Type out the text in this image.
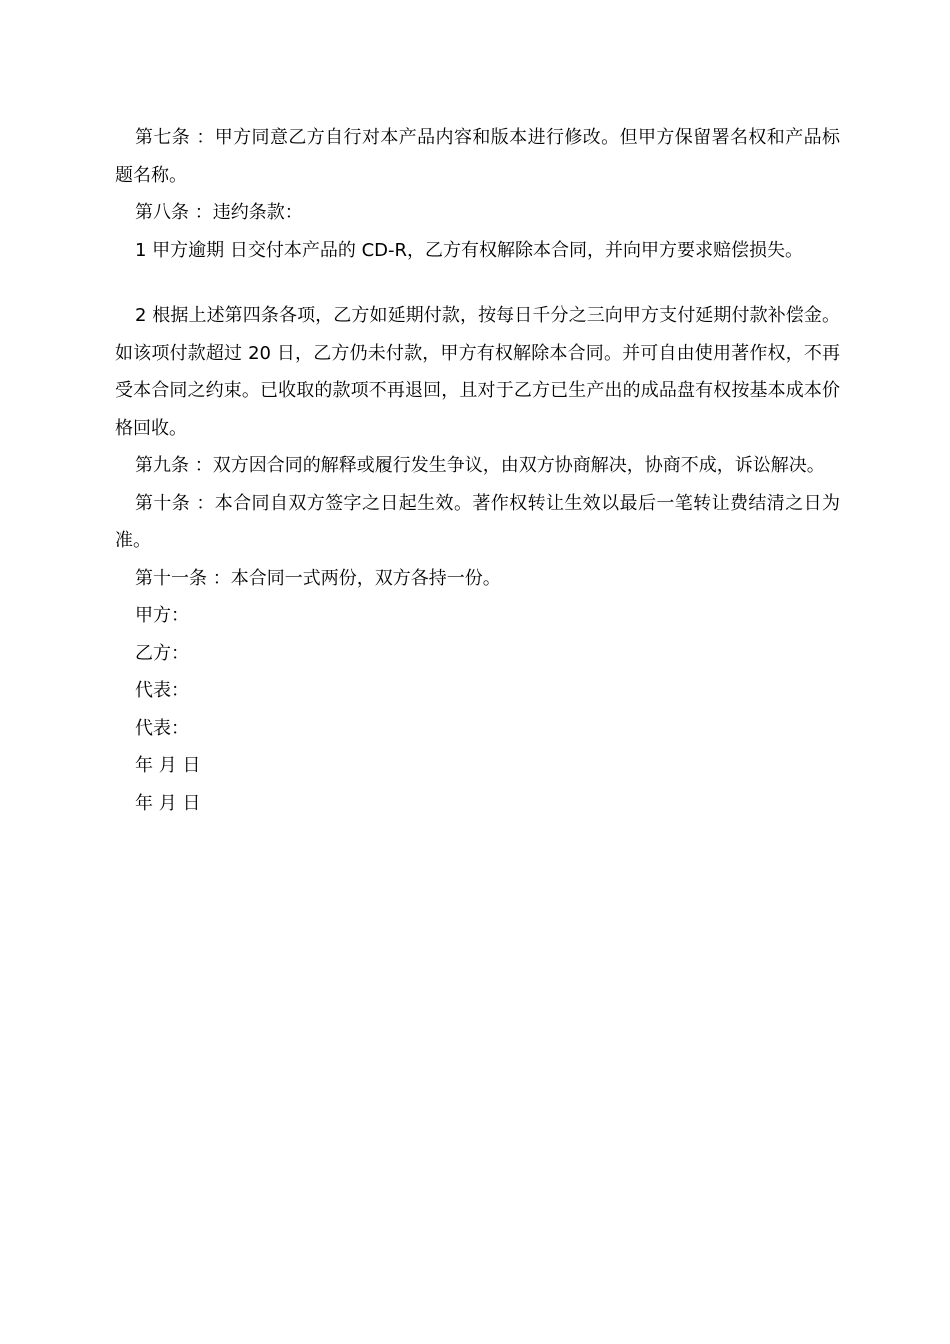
第七条 ：甲方同意乙方自行对本产品内容和版本进行修改。但甲方保留署名权和产品标题名称。

第八条 ：违约条款：

1 甲方逾期 日交付本产品的 CD-R，乙方有权解除本合同，并向甲方要求赔偿损失。

2 根据上述第四条各项，乙方如延期付款，按每日千分之三向甲方支付延期付款补偿金。如该项付款超过 20 日，乙方仍未付款，甲方有权解除本合同。并可自由使用著作权，不再受本合同之约束。已收取的款项不再退回，且对于乙方已生产出的成品盘有权按基本成本价格回收。

第九条 ：双方因合同的解释或履行发生争议，由双方协商解决，协商不成，诉讼解决。

第十条 ：本合同自双方签字之日起生效。著作权转让生效以最后一笔转让费结清之日为准。

第十一条 ：本合同一式两份，双方各持一份。

甲方：

乙方：

代表：

代表：

年 月 日

年 月 日
